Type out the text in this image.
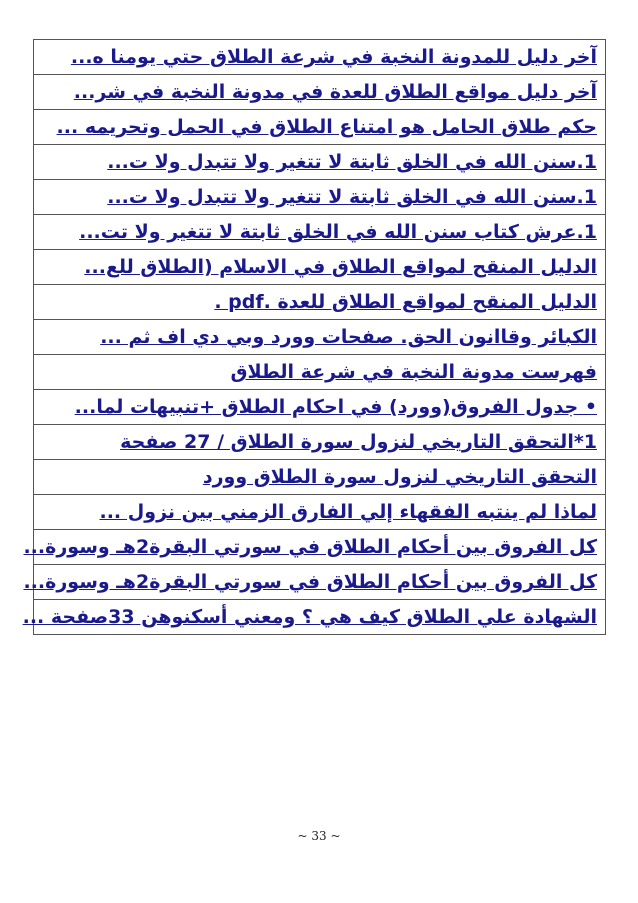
آخر دليل للمدونة النخبة في شرعة الطلاق حتي يومنا ه...
آخر دليل مواقع الطلاق للعدة في مدونة النخبة في شر...
حكم طلاق الحامل هو امتناع الطلاق في الحمل وتحريمه ...
1.سنن الله في الخلق ثابتة لا تتغير ولا تتبدل ولا ت...
1.سنن الله في الخلق ثابتة لا تتغير ولا تتبدل ولا ت...
1.عرش كتاب سنن الله في الخلق ثابتة لا تتغير ولا تت...
الدليل المنقح لمواقع الطلاق في الاسلام (الطلاق للع...
الدليل المنقح لمواقع الطلاق للعدة .pdf .
الكبائر وقاانون الحق. صفحات وورد وبي دي اف ثم ...
فهرست مدونة النخبة في شرعة الطلاق
• جدول الفروق(وورد) في احكام الطلاق +تنبيهات لما...
1*التحقق التاريخي لنزول سورة الطلاق / 27 صفحة
التحقق التاريخي لنزول سورة الطلاق وورد
لماذا لم ينتبه الفقهاء إلي الفارق الزمني بين نزول ...
كل الفروق بين أحكام الطلاق في سورتي البقرة2هـ وسورة...
كل الفروق بين أحكام الطلاق في سورتي البقرة2هـ وسورة...
الشهادة علي الطلاق كيف هي ؟ ومعني أسكنوهن 33صفحة ...
~ 33 ~
